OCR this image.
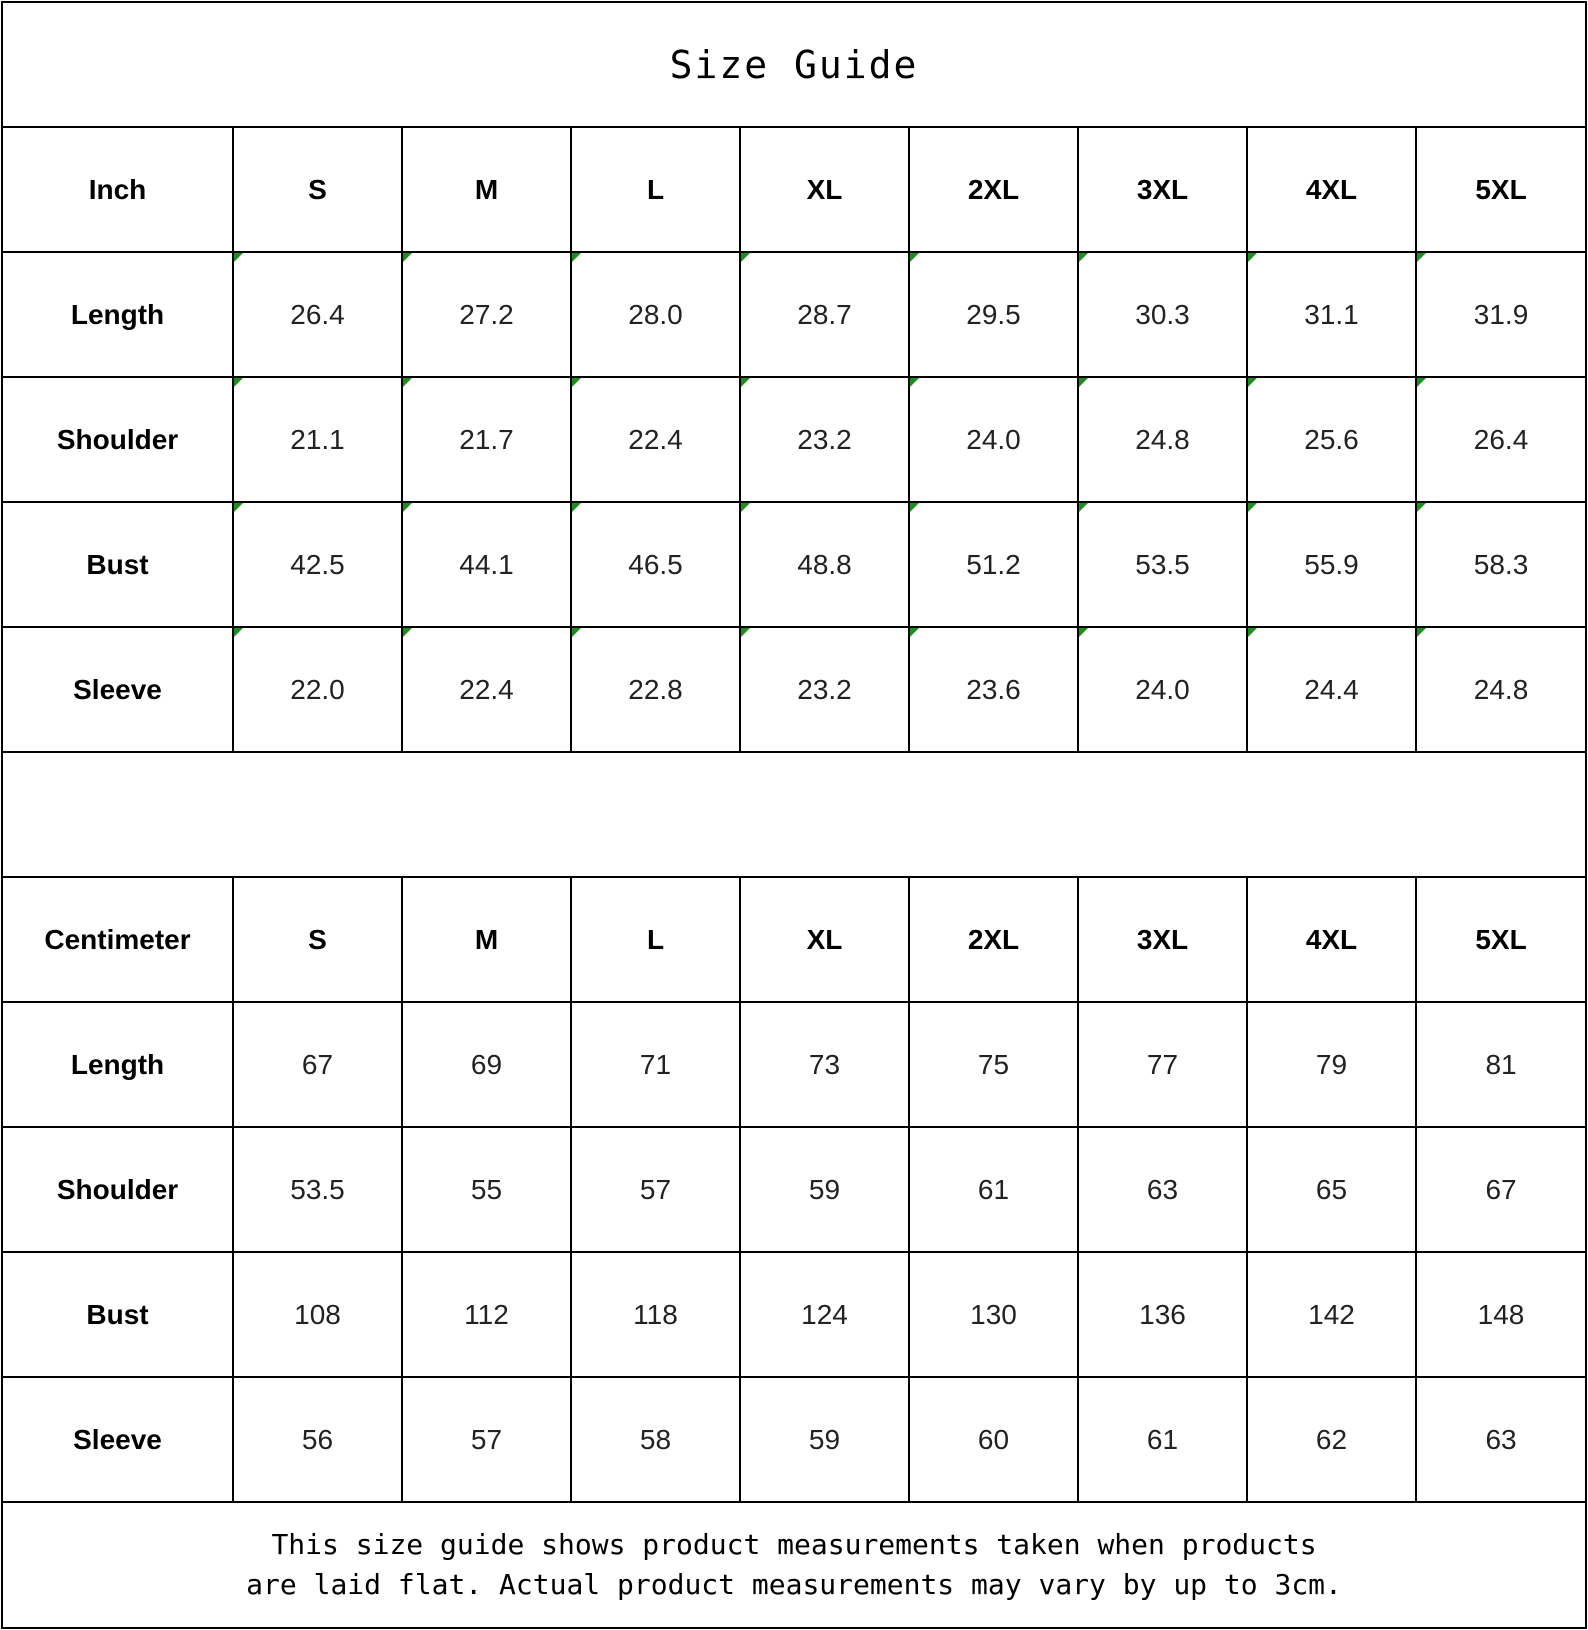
Size Guide								
Inch	S	M	L	XL	2XL	3XL	4XL	5XL
Length	26.4	27.2	28.0	28.7	29.5	30.3	31.1	31.9
Shoulder	21.1	21.7	22.4	23.2	24.0	24.8	25.6	26.4
Bust	42.5	44.1	46.5	48.8	51.2	53.5	55.9	58.3
Sleeve	22.0	22.4	22.8	23.2	23.6	24.0	24.4	24.8

Centimeter	S	M	L	XL	2XL	3XL	4XL	5XL
Length	67	69	71	73	75	77	79	81
Shoulder	53.5	55	57	59	61	63	65	67
Bust	108	112	118	124	130	136	142	148
Sleeve	56	57	58	59	60	61	62	63

This size guide shows product measurements taken when products
are laid flat. Actual product measurements may vary by up to 3cm.								
